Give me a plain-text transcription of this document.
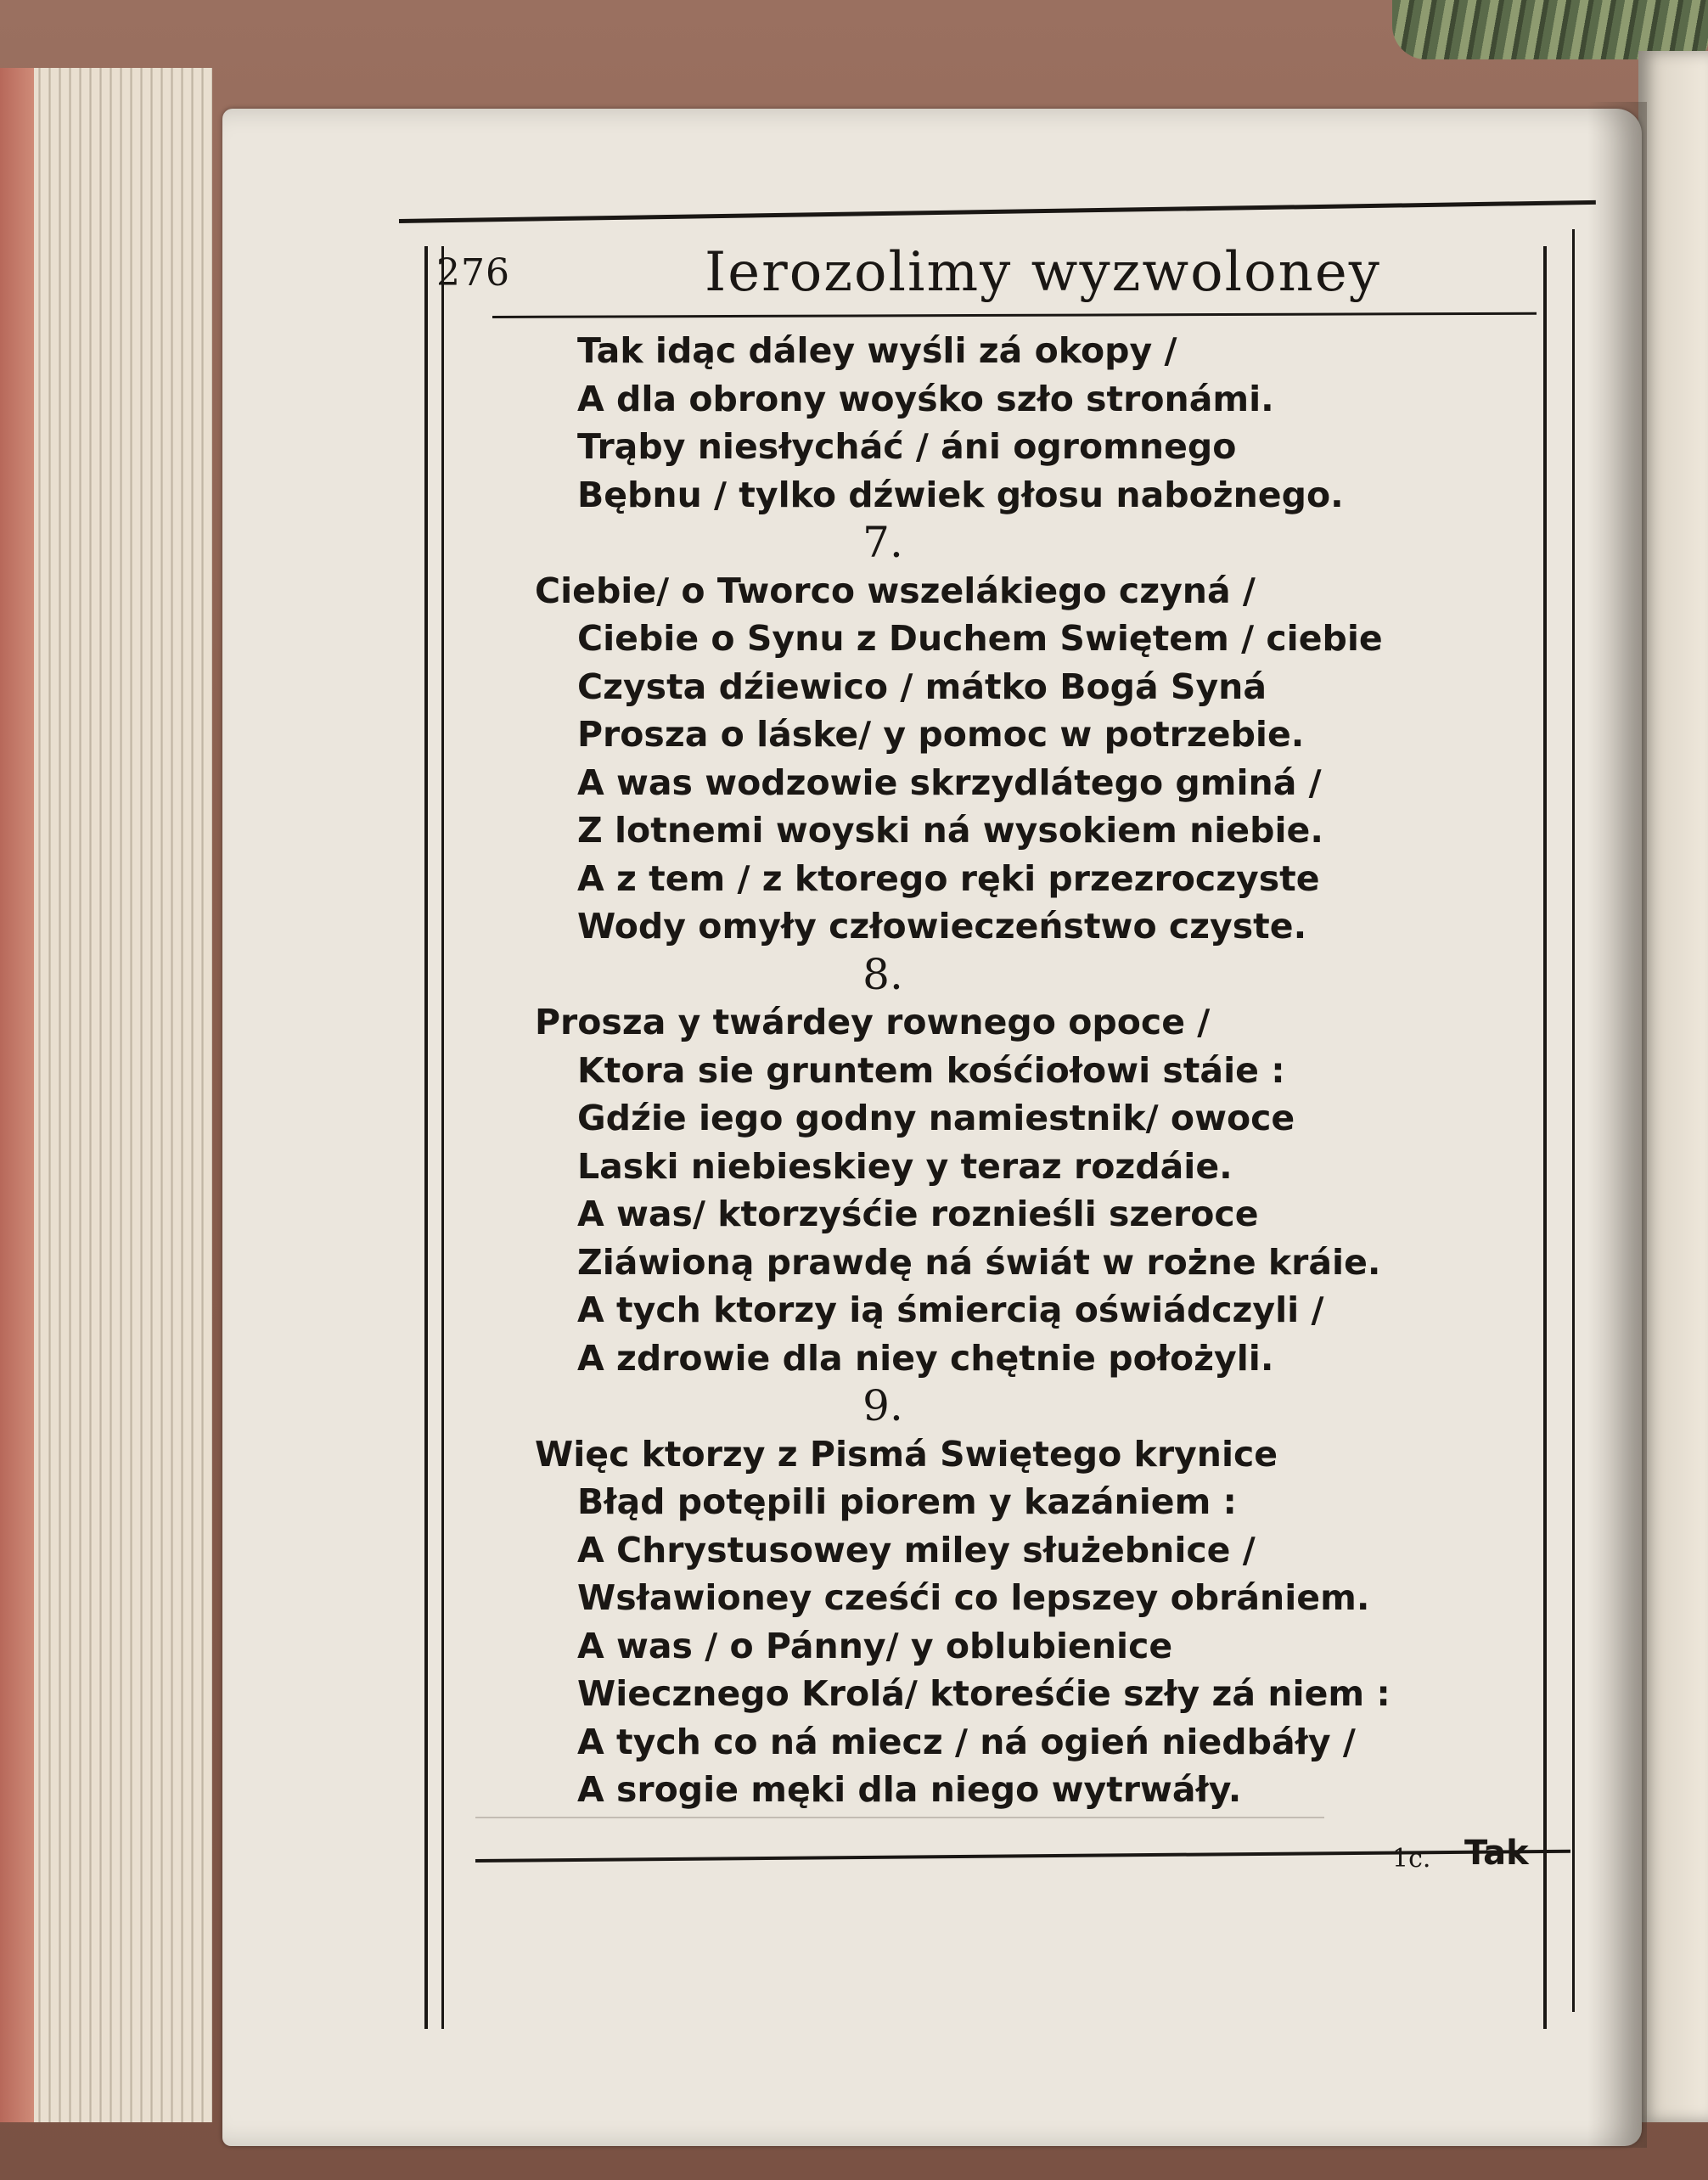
276	Ierozolimy wyzwoloney
Tak idąc dáley wyśli zá okopy /
A dla obrony woyśko szło stronámi.
Trąby niesłycháć / áni ogromnego
Bębnu / tylko dźwiek głosu nabożnego.
7.
Ciebie/ o Tworco wszelákiego czyná /
Ciebie o Synu z Duchem Swiętem / ciebie
Czysta dźiewico / mátko Bogá Syná
Prosza o láske/ y pomoc w potrzebie.
A was wodzowie skrzydlátego gminá /
Z lotnemi woyski ná wysokiem niebie.
A z tem / z ktorego ręki przezroczyste
Wody omyły człowieczeństwo czyste.
8.
Prosza y twárdey rownego opoce /
Ktora sie gruntem kośćiołowi stáie :
Gdźie iego godny namiestnik/ owoce
Laski niebieskiey y teraz rozdáie.
A was/ ktorzyśćie roznieśli szeroce
Ziáwioną prawdę ná świát w rożne kráie.
A tych ktorzy ią śmiercią oświádczyli /
A zdrowie dla niey chętnie położyli.
9.
Więc ktorzy z Pismá Swiętego krynice
Błąd potępili piorem y kazániem :
A Chrystusowey miley służebnice /
Wsławioney cześći co lepszey obrániem.
A was / o Pánny/ y oblubienice
Wiecznego Krolá/ ktoreśćie szły zá niem :
A tych co ná miecz / ná ogień niedbáły /
A srogie męki dla niego wytrwáły.
1c. Tak
